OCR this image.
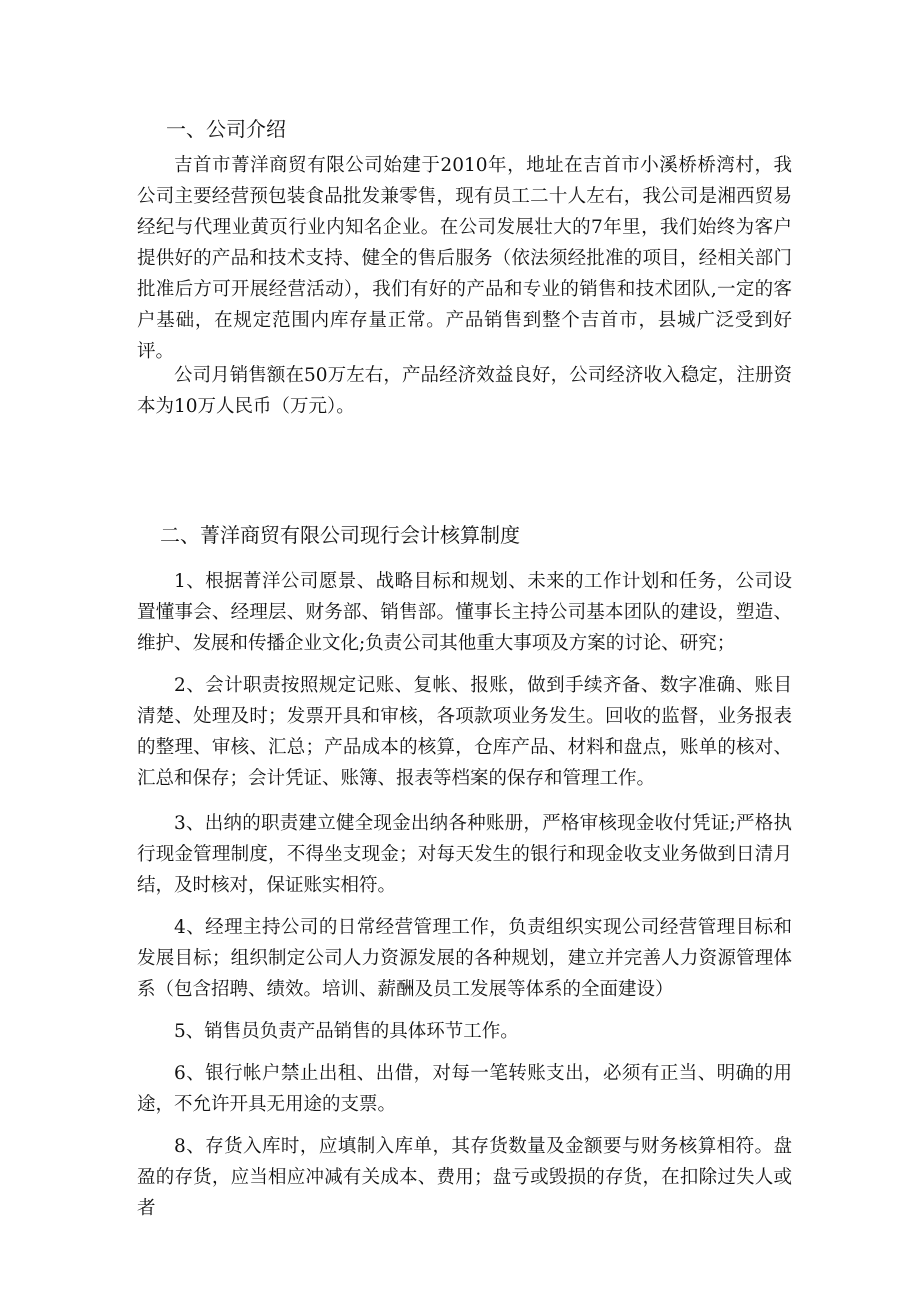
一、公司介绍

吉首市菁洋商贸有限公司始建于2010年，地址在吉首市小溪桥桥湾村，我公司主要经营预包装食品批发兼零售，现有员工二十人左右，我公司是湘西贸易经纪与代理业黄页行业内知名企业。在公司发展壮大的7年里，我们始终为客户提供好的产品和技术支持、健全的售后服务（依法须经批准的项目，经相关部门批准后方可开展经营活动），我们有好的产品和专业的销售和技术团队,一定的客户基础，在规定范围内库存量正常。产品销售到整个吉首市，县城广泛受到好评。

公司月销售额在50万左右，产品经济效益良好，公司经济收入稳定，注册资本为10万人民币（万元）。

二、菁洋商贸有限公司现行会计核算制度

1、根据菁洋公司愿景、战略目标和规划、未来的工作计划和任务，公司设置懂事会、经理层、财务部、销售部。懂事长主持公司基本团队的建设，塑造、维护、发展和传播企业文化;负责公司其他重大事项及方案的讨论、研究；

2、会计职责按照规定记账、复帐、报账，做到手续齐备、数字准确、账目清楚、处理及时；发票开具和审核，各项款项业务发生。回收的监督，业务报表的整理、审核、汇总；产品成本的核算，仓库产品、材料和盘点，账单的核对、汇总和保存；会计凭证、账簿、报表等档案的保存和管理工作。

3、出纳的职责建立健全现金出纳各种账册，严格审核现金收付凭证;严格执行现金管理制度，不得坐支现金；对每天发生的银行和现金收支业务做到日清月结，及时核对，保证账实相符。

4、经理主持公司的日常经营管理工作，负责组织实现公司经营管理目标和发展目标；组织制定公司人力资源发展的各种规划，建立并完善人力资源管理体系（包含招聘、绩效。培训、薪酬及员工发展等体系的全面建设）

5、销售员负责产品销售的具体环节工作。

6、银行帐户禁止出租、出借，对每一笔转账支出，必须有正当、明确的用途，不允许开具无用途的支票。

8、存货入库时，应填制入库单，其存货数量及金额要与财务核算相符。盘盈的存货，应当相应冲减有关成本、费用；盘亏或毁损的存货，在扣除过失人或者
